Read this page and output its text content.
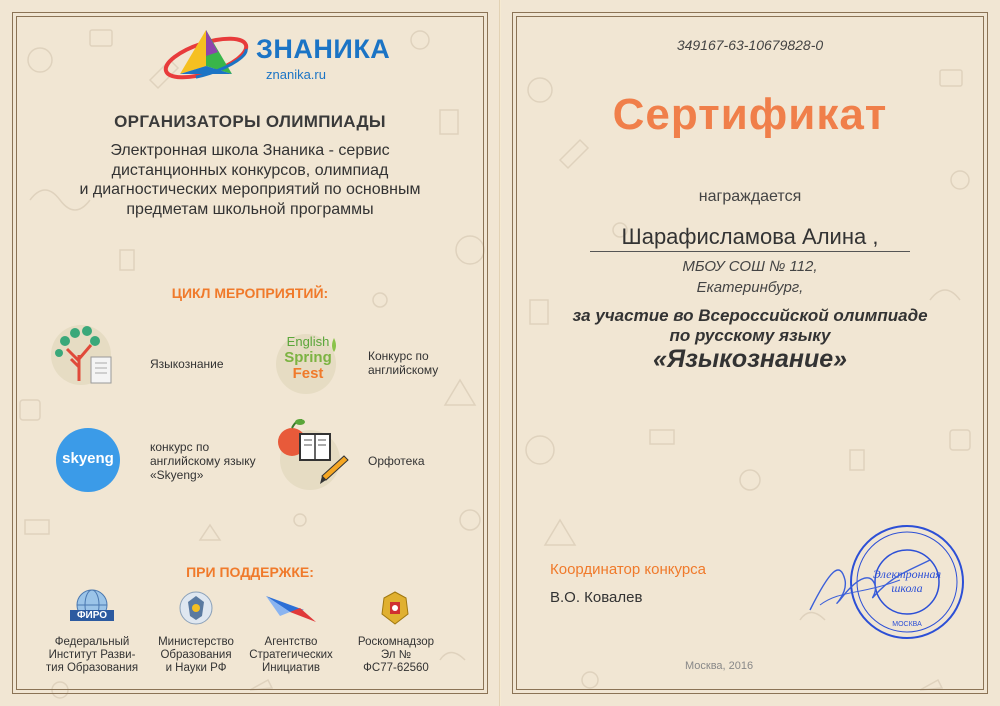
ЗНАНИКА
znanika.ru
ОРГАНИЗАТОРЫ ОЛИМПИАДЫ
Электронная школа Знаника - сервис
дистанционных конкурсов, олимпиад
и диагностических мероприятий по основным
предметам школьной программы
ЦИКЛ МЕРОПРИЯТИЙ:
Языкознание
English
Spring
Fest
Конкурс по
английскому
skyeng
конкурс по
английскому языку
«Skyeng»
Орфотека
ПРИ ПОДДЕРЖКЕ:
ФИРО
Федеральный
Институт Разви-
тия Образования
Министерство
Образования
и Науки РФ
Агентство
Стратегических
Инициатив
Роскомнадзор
Эл №
ФС77-62560
349167-63-10679828-0
Сертификат
награждается
Шарафисламова Алина ,
МБОУ СОШ № 112,
Екатеринбург,
за участие во Всероссийской олимпиаде
по русскому языку
«Языкознание»
Координатор конкурса
В.О. Ковалев
Электронная
школа
МОСКВА
Москва, 2016
